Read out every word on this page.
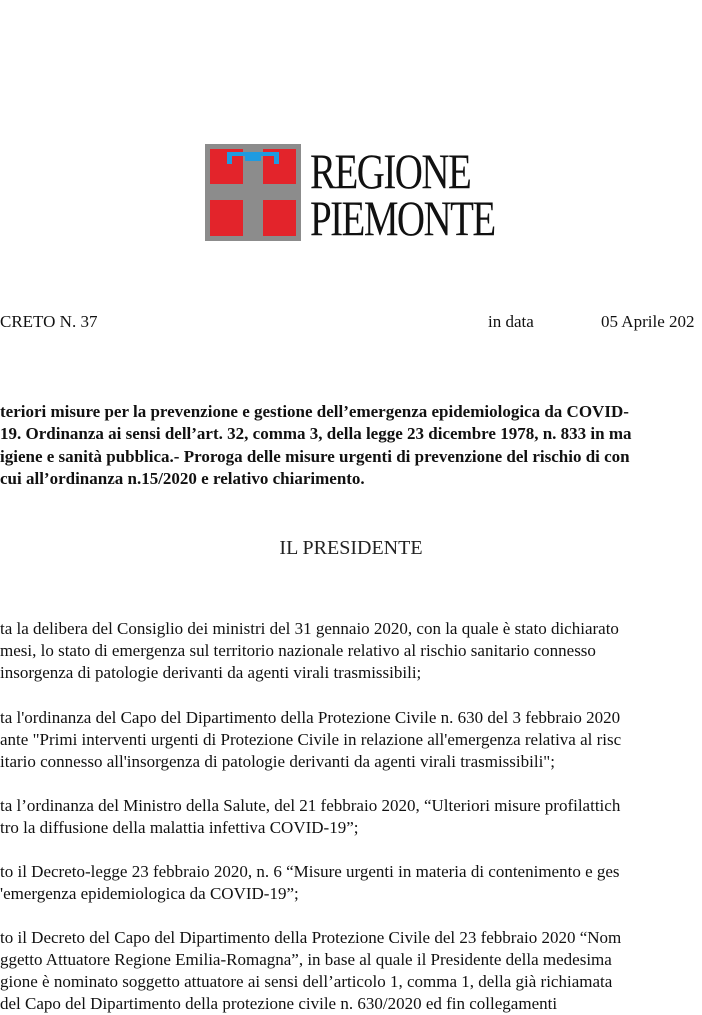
REGIONE
PIEMONTE
CRETO N. 37	in data	05 Aprile 202
teriori misure per la prevenzione e gestione dell’emergenza epidemiologica da COVID-
19. Ordinanza ai sensi dell’art. 32, comma 3, della legge 23 dicembre 1978, n. 833 in ma
igiene e sanità pubblica.- Proroga delle misure urgenti di prevenzione del rischio di con
cui all’ordinanza n.15/2020 e relativo chiarimento.
IL PRESIDENTE
ta la delibera del Consiglio dei ministri del 31 gennaio 2020, con la quale è stato dichiarato
mesi, lo stato di emergenza sul territorio nazionale relativo al rischio sanitario connesso
insorgenza di patologie derivanti da agenti virali trasmissibili;
ta l'ordinanza del Capo del Dipartimento della Protezione Civile n. 630 del 3 febbraio 2020
ante "Primi interventi urgenti di Protezione Civile in relazione all'emergenza relativa al risc
itario connesso all'insorgenza di patologie derivanti da agenti virali trasmissibili";
ta l’ordinanza del Ministro della Salute, del 21 febbraio 2020, “Ulteriori misure profilattich
tro la diffusione della malattia infettiva COVID-19”;
to il Decreto-legge 23 febbraio 2020, n. 6 “Misure urgenti in materia di contenimento e ges
'emergenza epidemiologica da COVID-19”;
to il Decreto del Capo del Dipartimento della Protezione Civile del 23 febbraio 2020 “Nom
ggetto Attuatore Regione Emilia-Romagna”, in base al quale il Presidente della medesima
gione è nominato soggetto attuatore ai sensi dell’articolo 1, comma 1, della già richiamata
del Capo del Dipartimento della protezione civile n. 630/2020 ed fin collegamenti
